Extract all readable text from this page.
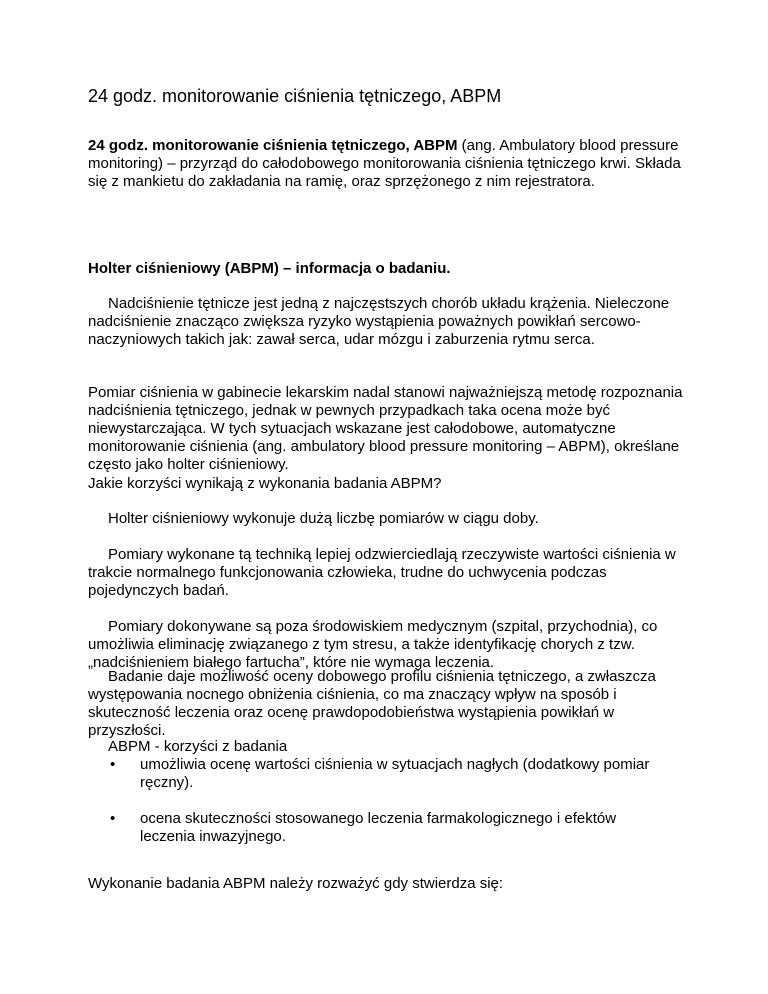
24 godz. monitorowanie ciśnienia tętniczego, ABPM

24 godz. monitorowanie ciśnienia tętniczego, ABPM (ang. Ambulatory blood pressure monitoring) – przyrząd do całodobowego monitorowania ciśnienia tętniczego krwi. Składa się z mankietu do zakładania na ramię, oraz sprzężonego z nim rejestratora.

Holter ciśnieniowy (ABPM) – informacja o badaniu.

Nadciśnienie tętnicze jest jedną z najczęstszych chorób układu krążenia. Nieleczone nadciśnienie znacząco zwiększa ryzyko wystąpienia poważnych powikłań sercowo-naczyniowych takich jak: zawał serca, udar mózgu i zaburzenia rytmu serca.

Pomiar ciśnienia w gabinecie lekarskim nadal stanowi najważniejszą metodę rozpoznania nadciśnienia tętniczego, jednak w pewnych przypadkach taka ocena może być niewystarczająca. W tych sytuacjach wskazane jest całodobowe, automatyczne monitorowanie ciśnienia (ang. ambulatory blood pressure monitoring – ABPM), określane często jako holter ciśnieniowy.

Jakie korzyści wynikają z wykonania badania ABPM?

Holter ciśnieniowy wykonuje dużą liczbę pomiarów w ciągu doby.

Pomiary wykonane tą techniką lepiej odzwierciedlają rzeczywiste wartości ciśnienia w trakcie normalnego funkcjonowania człowieka, trudne do uchwycenia podczas pojedynczych badań.

Pomiary dokonywane są poza środowiskiem medycznym (szpital, przychodnia), co umożliwia eliminację związanego z tym stresu, a także identyfikację chorych z tzw. „nadciśnieniem białego fartucha”, które nie wymaga leczenia.

Badanie daje możliwość oceny dobowego profilu ciśnienia tętniczego, a zwłaszcza występowania nocnego obniżenia ciśnienia, co ma znaczący wpływ na sposób i skuteczność leczenia oraz ocenę prawdopodobieństwa wystąpienia powikłań w przyszłości.

ABPM - korzyści z badania

• umożliwia ocenę wartości ciśnienia w sytuacjach nagłych (dodatkowy pomiar ręczny).
• ocena skuteczności stosowanego leczenia farmakologicznego i efektów leczenia inwazyjnego.

Wykonanie badania ABPM należy rozważyć gdy stwierdza się:
